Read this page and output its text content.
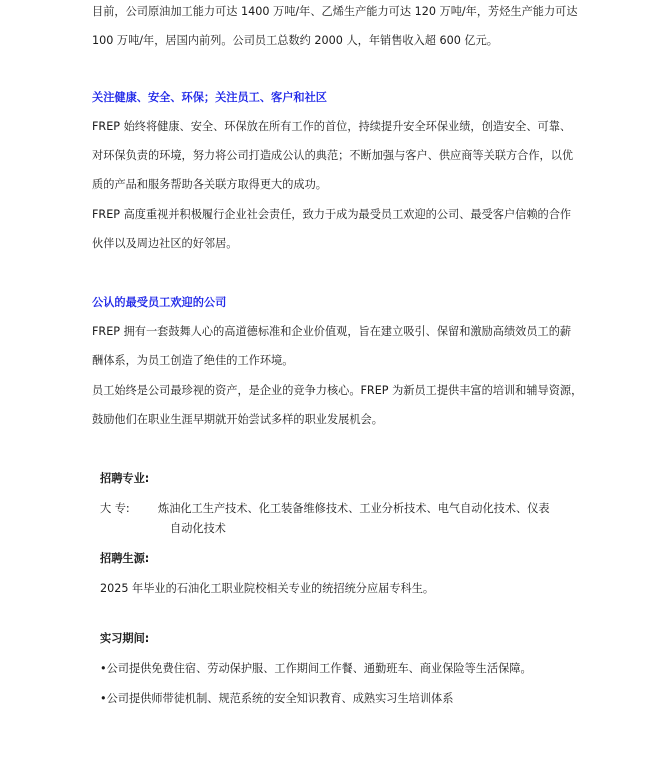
目前，公司原油加工能力可达 1400 万吨/年、乙烯生产能力可达 120 万吨/年，芳烃生产能力可达
100 万吨/年，居国内前列。公司员工总数约 2000 人，年销售收入超 600 亿元。
关注健康、安全、环保；关注员工、客户和社区
FREP 始终将健康、安全、环保放在所有工作的首位，持续提升安全环保业绩，创造安全、可靠、
对环保负责的环境，努力将公司打造成公认的典范；不断加强与客户、供应商等关联方合作，以优
质的产品和服务帮助各关联方取得更大的成功。
FREP 高度重视并积极履行企业社会责任，致力于成为最受员工欢迎的公司、最受客户信赖的合作
伙伴以及周边社区的好邻居。
公认的最受员工欢迎的公司
FREP 拥有一套鼓舞人心的高道德标准和企业价值观，旨在建立吸引、保留和激励高绩效员工的薪
酬体系，为员工创造了绝佳的工作环境。
员工始终是公司最珍视的资产，是企业的竞争力核心。FREP 为新员工提供丰富的培训和辅导资源，
鼓励他们在职业生涯早期就开始尝试多样的职业发展机会。
招聘专业:
大 专:	炼油化工生产技术、化工装备维修技术、工业分析技术、电气自动化技术、仪表
自动化技术
招聘生源:
2025 年毕业的石油化工职业院校相关专业的统招统分应届专科生。
实习期间:
•公司提供免费住宿、劳动保护服、工作期间工作餐、通勤班车、商业保险等生活保障。
•公司提供师带徒机制、规范系统的安全知识教育、成熟实习生培训体系
